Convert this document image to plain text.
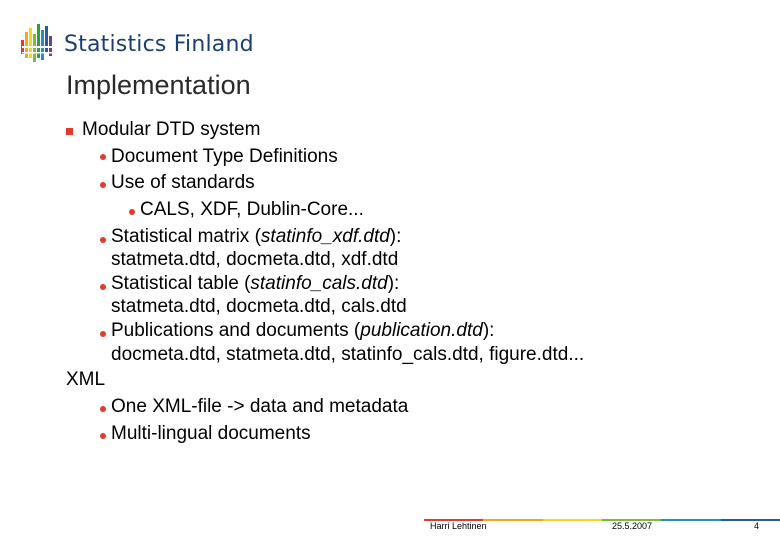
Statistics Finland
Implementation
Modular DTD system
Document Type Definitions
Use of standards
CALS, XDF, Dublin-Core...
Statistical matrix (statinfo_xdf.dtd):
statmeta.dtd, docmeta.dtd, xdf.dtd
Statistical table (statinfo_cals.dtd):
statmeta.dtd, docmeta.dtd, cals.dtd
Publications and documents (publication.dtd):
docmeta.dtd, statmeta.dtd, statinfo_cals.dtd, figure.dtd...
XML
One XML-file -> data and metadata
Multi-lingual documents
Harri Lehtinen	25.5.2007	4
